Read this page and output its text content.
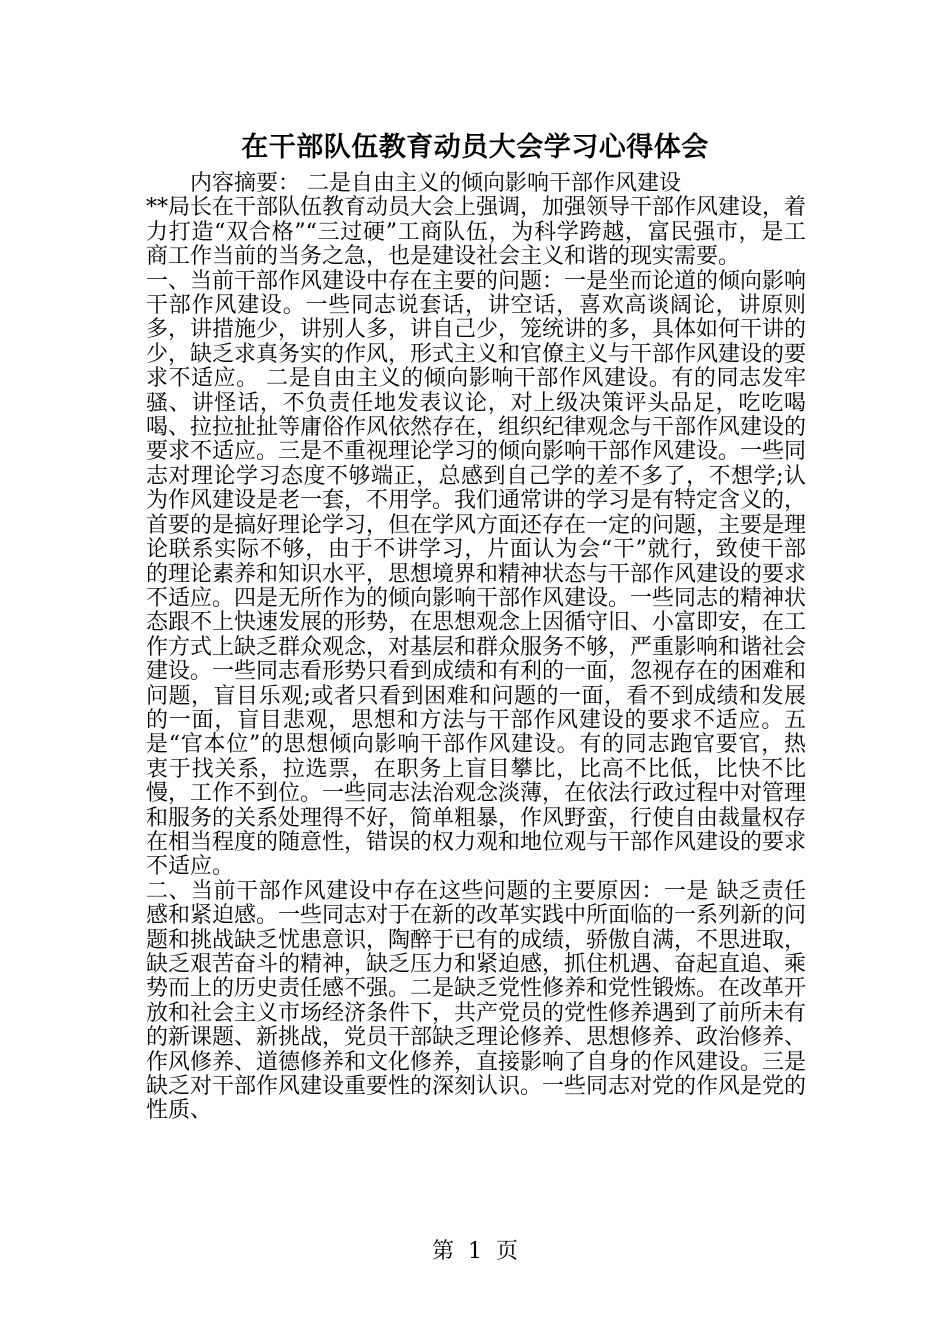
在干部队伍教育动员大会学习心得体会

内容摘要： 二是自由主义的倾向影响干部作风建设

**局长在干部队伍教育动员大会上强调，加强领导干部作风建设，着力打造“双合格”“三过硬”工商队伍，为科学跨越，富民强市，是工商工作当前的当务之急，也是建设社会主义和谐的现实需要。

一、当前干部作风建设中存在主要的问题：一是坐而论道的倾向影响干部作风建设。一些同志说套话，讲空话，喜欢高谈阔论，讲原则多，讲措施少，讲别人多，讲自己少，笼统讲的多，具体如何干讲的少，缺乏求真务实的作风，形式主义和官僚主义与干部作风建设的要求不适应。 二是自由主义的倾向影响干部作风建设。有的同志发牢骚、讲怪话，不负责任地发表议论，对上级决策评头品足，吃吃喝喝、拉拉扯扯等庸俗作风依然存在，组织纪律观念与干部作风建设的要求不适应。三是不重视理论学习的倾向影响干部作风建设。一些同志对理论学习态度不够端正，总感到自己学的差不多了，不想学;认为作风建设是老一套，不用学。我们通常讲的学习是有特定含义的，首要的是搞好理论学习，但在学风方面还存在一定的问题，主要是理论联系实际不够，由于不讲学习，片面认为会“干”就行，致使干部的理论素养和知识水平，思想境界和精神状态与干部作风建设的要求不适应。四是无所作为的倾向影响干部作风建设。一些同志的精神状态跟不上快速发展的形势，在思想观念上因循守旧、小富即安，在工作方式上缺乏群众观念，对基层和群众服务不够，严重影响和谐社会建设。一些同志看形势只看到成绩和有利的一面，忽视存在的困难和问题，盲目乐观;或者只看到困难和问题的一面，看不到成绩和发展的一面，盲目悲观，思想和方法与干部作风建设的要求不适应。五是“官本位”的思想倾向影响干部作风建设。有的同志跑官要官，热衷于找关系，拉选票，在职务上盲目攀比，比高不比低，比快不比慢，工作不到位。一些同志法治观念淡薄，在依法行政过程中对管理和服务的关系处理得不好，简单粗暴，作风野蛮，行使自由裁量权存在相当程度的随意性，错误的权力观和地位观与干部作风建设的要求不适应。

二、当前干部作风建设中存在这些问题的主要原因：一是 缺乏责任感和紧迫感。一些同志对于在新的改革实践中所面临的一系列新的问题和挑战缺乏忧患意识，陶醉于已有的成绩，骄傲自满，不思进取，缺乏艰苦奋斗的精神，缺乏压力和紧迫感，抓住机遇、奋起直追、乘势而上的历史责任感不强。二是缺乏党性修养和党性锻炼。在改革开放和社会主义市场经济条件下，共产党员的党性修养遇到了前所未有的新课题、新挑战，党员干部缺乏理论修养、思想修养、政治修养、作风修养、道德修养和文化修养，直接影响了自身的作风建设。三是缺乏对干部作风建设重要性的深刻认识。一些同志对党的作风是党的性质、

第  1  页
